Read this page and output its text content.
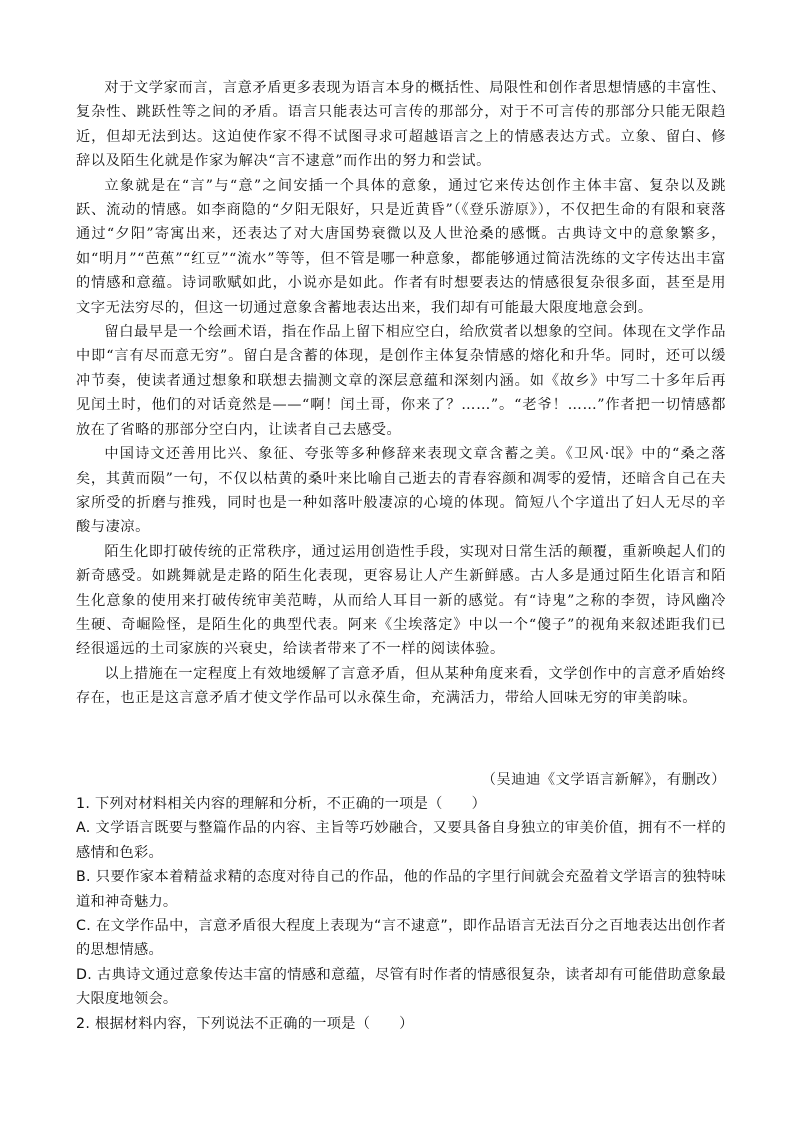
对于文学家而言，言意矛盾更多表现为语言本身的概括性、局限性和创作者思想情感的丰富性、复杂性、跳跃性等之间的矛盾。语言只能表达可言传的那部分，对于不可言传的那部分只能无限趋近，但却无法到达。这迫使作家不得不试图寻求可超越语言之上的情感表达方式。立象、留白、修辞以及陌生化就是作家为解决“言不逮意”而作出的努力和尝试。

立象就是在“言”与“意”之间安插一个具体的意象，通过它来传达创作主体丰富、复杂以及跳跃、流动的情感。如李商隐的“夕阳无限好，只是近黄昏”（《登乐游原》），不仅把生命的有限和衰落通过“夕阳”寄寓出来，还表达了对大唐国势衰微以及人世沧桑的感慨。古典诗文中的意象繁多，如“明月”“芭蕉”“红豆”“流水”等等，但不管是哪一种意象，都能够通过简洁洗练的文字传达出丰富的情感和意蕴。诗词歌赋如此，小说亦是如此。作者有时想要表达的情感很复杂很多面，甚至是用文字无法穷尽的，但这一切通过意象含蓄地表达出来，我们却有可能最大限度地意会到。

留白最早是一个绘画术语，指在作品上留下相应空白，给欣赏者以想象的空间。体现在文学作品中即“言有尽而意无穷”。留白是含蓄的体现，是创作主体复杂情感的熔化和升华。同时，还可以缓冲节奏，使读者通过想象和联想去揣测文章的深层意蕴和深刻内涵。如《故乡》中写二十多年后再见闰土时，他们的对话竟然是——“啊！闰土哥，你来了？……”。“老爷！……”作者把一切情感都放在了省略的那部分空白内，让读者自己去感受。

中国诗文还善用比兴、象征、夸张等多种修辞来表现文章含蓄之美。《卫风·氓》中的“桑之落矣，其黄而陨”一句，不仅以枯黄的桑叶来比喻自己逝去的青春容颜和凋零的爱情，还暗含自己在夫家所受的折磨与推残，同时也是一种如落叶般凄凉的心境的体现。简短八个字道出了妇人无尽的辛酸与凄凉。

陌生化即打破传统的正常秩序，通过运用创造性手段，实现对日常生活的颠覆，重新唤起人们的新奇感受。如跳舞就是走路的陌生化表现，更容易让人产生新鲜感。古人多是通过陌生化语言和陌生化意象的使用来打破传统审美范畴，从而给人耳目一新的感觉。有“诗鬼”之称的李贺，诗风幽冷生硬、奇崛险怪，是陌生化的典型代表。阿来《尘埃落定》中以一个“傻子”的视角来叙述距我们已经很遥远的土司家族的兴衰史，给读者带来了不一样的阅读体验。

以上措施在一定程度上有效地缓解了言意矛盾，但从某种角度来看，文学创作中的言意矛盾始终存在，也正是这言意矛盾才使文学作品可以永葆生命，充满活力，带给人回味无穷的审美韵味。

（吴迪迪《文学语言新解》，有删改）

1. 下列对材料相关内容的理解和分析，不正确的一项是（　　）

A. 文学语言既要与整篇作品的内容、主旨等巧妙融合，又要具备自身独立的审美价值，拥有不一样的感情和色彩。

B. 只要作家本着精益求精的态度对待自己的作品，他的作品的字里行间就会充盈着文学语言的独特味道和神奇魅力。

C. 在文学作品中，言意矛盾很大程度上表现为“言不逮意”，即作品语言无法百分之百地表达出创作者的思想情感。

D. 古典诗文通过意象传达丰富的情感和意蕴，尽管有时作者的情感很复杂，读者却有可能借助意象最大限度地领会。

2. 根据材料内容，下列说法不正确的一项是（　　）
